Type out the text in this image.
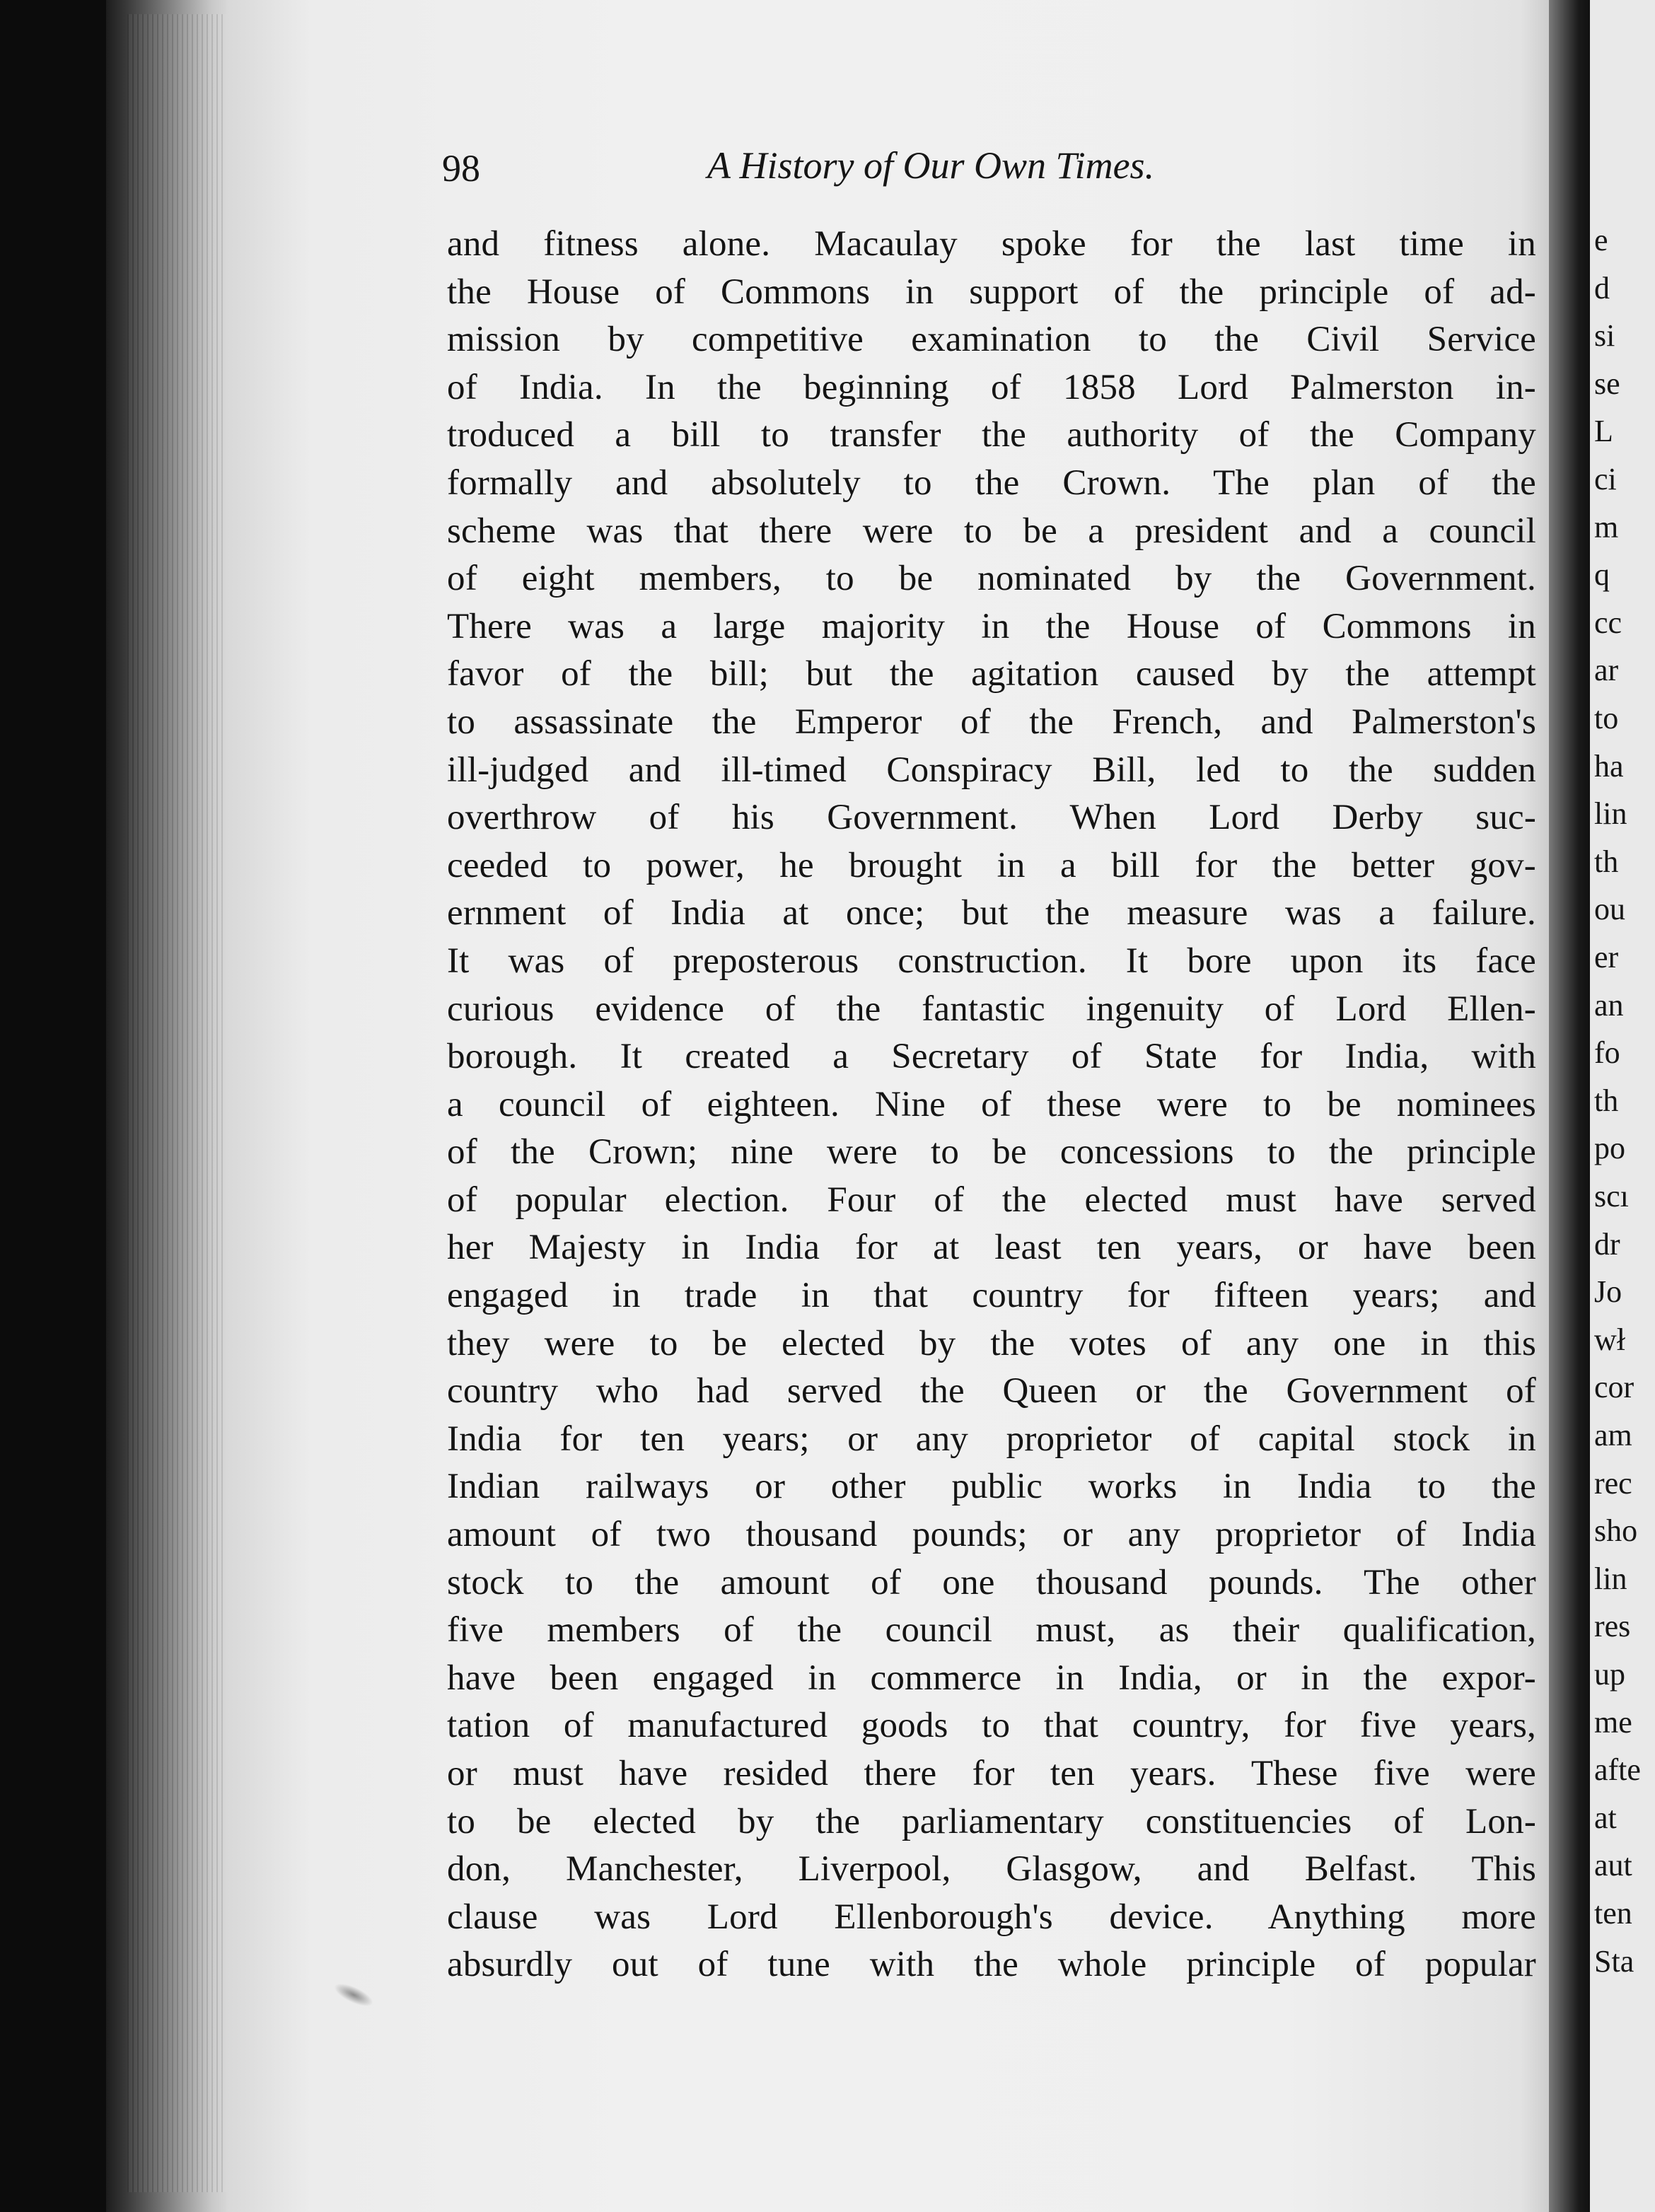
98	A History of Our Own Times.
and fitness alone. Macaulay spoke for the last time in
the House of Commons in support of the principle of ad-
mission by competitive examination to the Civil Service
of India. In the beginning of 1858 Lord Palmerston in-
troduced a bill to transfer the authority of the Company
formally and absolutely to the Crown. The plan of the
scheme was that there were to be a president and a council
of eight members, to be nominated by the Government.
There was a large majority in the House of Commons in
favor of the bill; but the agitation caused by the attempt
to assassinate the Emperor of the French, and Palmerston's
ill-judged and ill-timed Conspiracy Bill, led to the sudden
overthrow of his Government. When Lord Derby suc-
ceeded to power, he brought in a bill for the better gov-
ernment of India at once; but the measure was a failure.
It was of preposterous construction. It bore upon its face
curious evidence of the fantastic ingenuity of Lord Ellen-
borough. It created a Secretary of State for India, with
a council of eighteen. Nine of these were to be nominees
of the Crown; nine were to be concessions to the principle
of popular election. Four of the elected must have served
her Majesty in India for at least ten years, or have been
engaged in trade in that country for fifteen years; and
they were to be elected by the votes of any one in this
country who had served the Queen or the Government of
India for ten years; or any proprietor of capital stock in
Indian railways or other public works in India to the
amount of two thousand pounds; or any proprietor of India
stock to the amount of one thousand pounds. The other
five members of the council must, as their qualification,
have been engaged in commerce in India, or in the expor-
tation of manufactured goods to that country, for five years,
or must have resided there for ten years. These five were
to be elected by the parliamentary constituencies of Lon-
don, Manchester, Liverpool, Glasgow, and Belfast. This
clause was Lord Ellenborough's device. Anything more
absurdly out of tune with the whole principle of popular
e
d
si
se
L
ci
m
q
cc
ar
to
ha
lin
th
ou
er
an
fo
th
po
scı
dr
Jo
wł
cor
am
rec
sho
lin
res
up
me
afte
at
aut
ten
Sta
